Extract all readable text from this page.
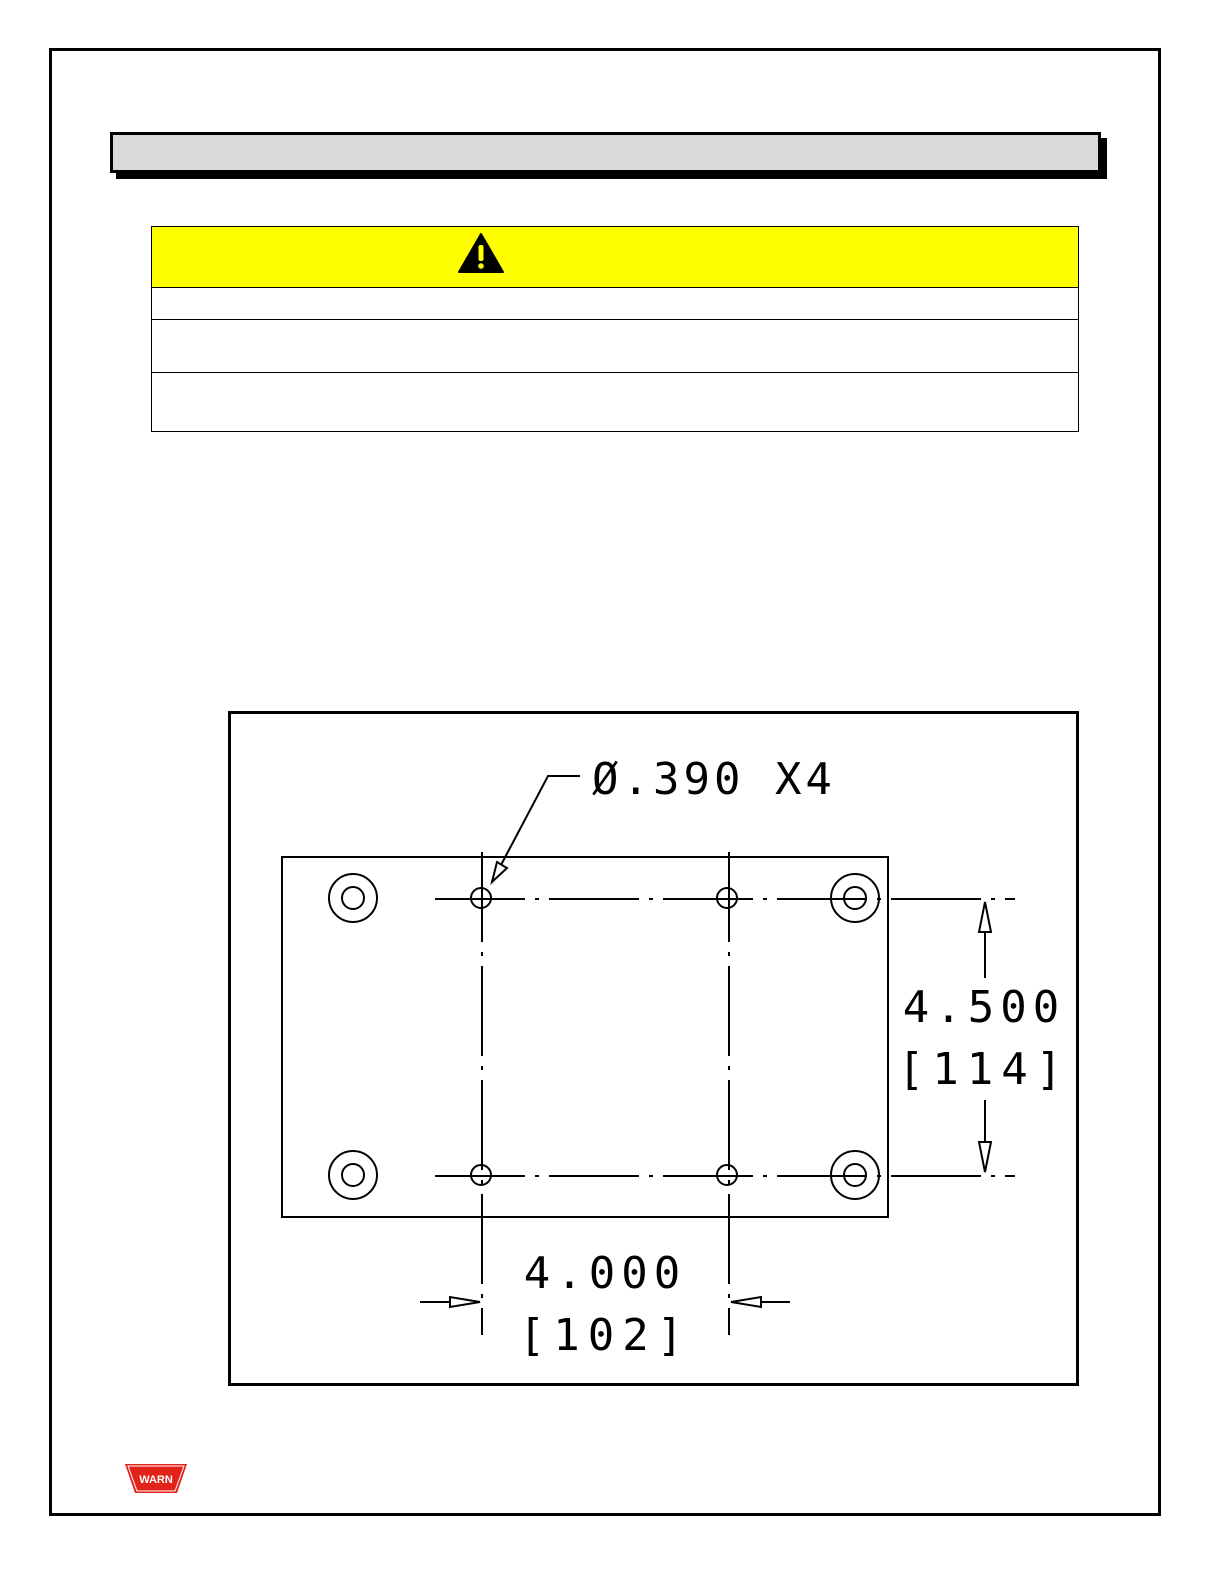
Ø.390 X4
4.500
[114]
4.000
[102]
WARN
